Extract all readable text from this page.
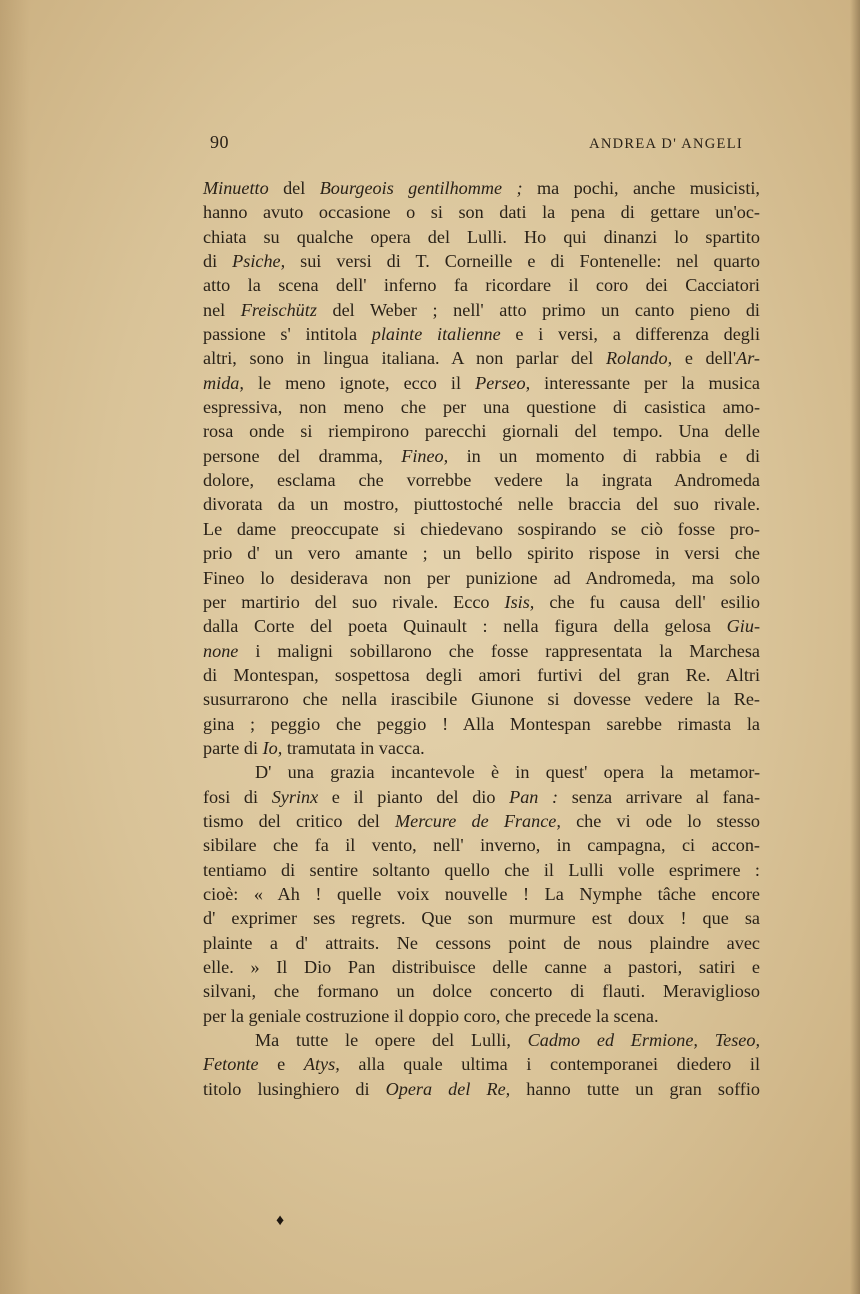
90	ANDREA D' ANGELI
Minuetto del Bourgeois gentilhomme ; ma pochi, anche musicisti,
hanno avuto occasione o si son dati la pena di gettare un'oc-
chiata su qualche opera del Lulli. Ho qui dinanzi lo spartito
di Psiche, sui versi di T. Corneille e di Fontenelle: nel quarto
atto la scena dell' inferno fa ricordare il coro dei Cacciatori
nel Freischütz del Weber ; nell' atto primo un canto pieno di
passione s' intitola plainte italienne e i versi, a differenza degli
altri, sono in lingua italiana. A non parlar del Rolando, e dell'Ar-
mida, le meno ignote, ecco il Perseo, interessante per la musica
espressiva, non meno che per una questione di casistica amo-
rosa onde si riempirono parecchi giornali del tempo. Una delle
persone del dramma, Fineo, in un momento di rabbia e di
dolore, esclama che vorrebbe vedere la ingrata Andromeda
divorata da un mostro, piuttostoché nelle braccia del suo rivale.
Le dame preoccupate si chiedevano sospirando se ciò fosse pro-
prio d' un vero amante ; un bello spirito rispose in versi che
Fineo lo desiderava non per punizione ad Andromeda, ma solo
per martirio del suo rivale. Ecco Isis, che fu causa dell' esilio
dalla Corte del poeta Quinault : nella figura della gelosa Giu-
none i maligni sobillarono che fosse rappresentata la Marchesa
di Montespan, sospettosa degli amori furtivi del gran Re. Altri
susurrarono che nella irascibile Giunone si dovesse vedere la Re-
gina ; peggio che peggio ! Alla Montespan sarebbe rimasta la
parte di Io, tramutata in vacca.
D' una grazia incantevole è in quest' opera la metamor-
fosi di Syrinx e il pianto del dio Pan : senza arrivare al fana-
tismo del critico del Mercure de France, che vi ode lo stesso
sibilare che fa il vento, nell' inverno, in campagna, ci accon-
tentiamo di sentire soltanto quello che il Lulli volle esprimere :
cioè: « Ah ! quelle voix nouvelle ! La Nymphe tâche encore
d' exprimer ses regrets. Que son murmure est doux ! que sa
plainte a d' attraits. Ne cessons point de nous plaindre avec
elle. » Il Dio Pan distribuisce delle canne a pastori, satiri e
silvani, che formano un dolce concerto di flauti. Meraviglioso
per la geniale costruzione il doppio coro, che precede la scena.
Ma tutte le opere del Lulli, Cadmo ed Ermione, Teseo,
Fetonte e Atys, alla quale ultima i contemporanei diedero il
titolo lusinghiero di Opera del Re, hanno tutte un gran soffio
♦
